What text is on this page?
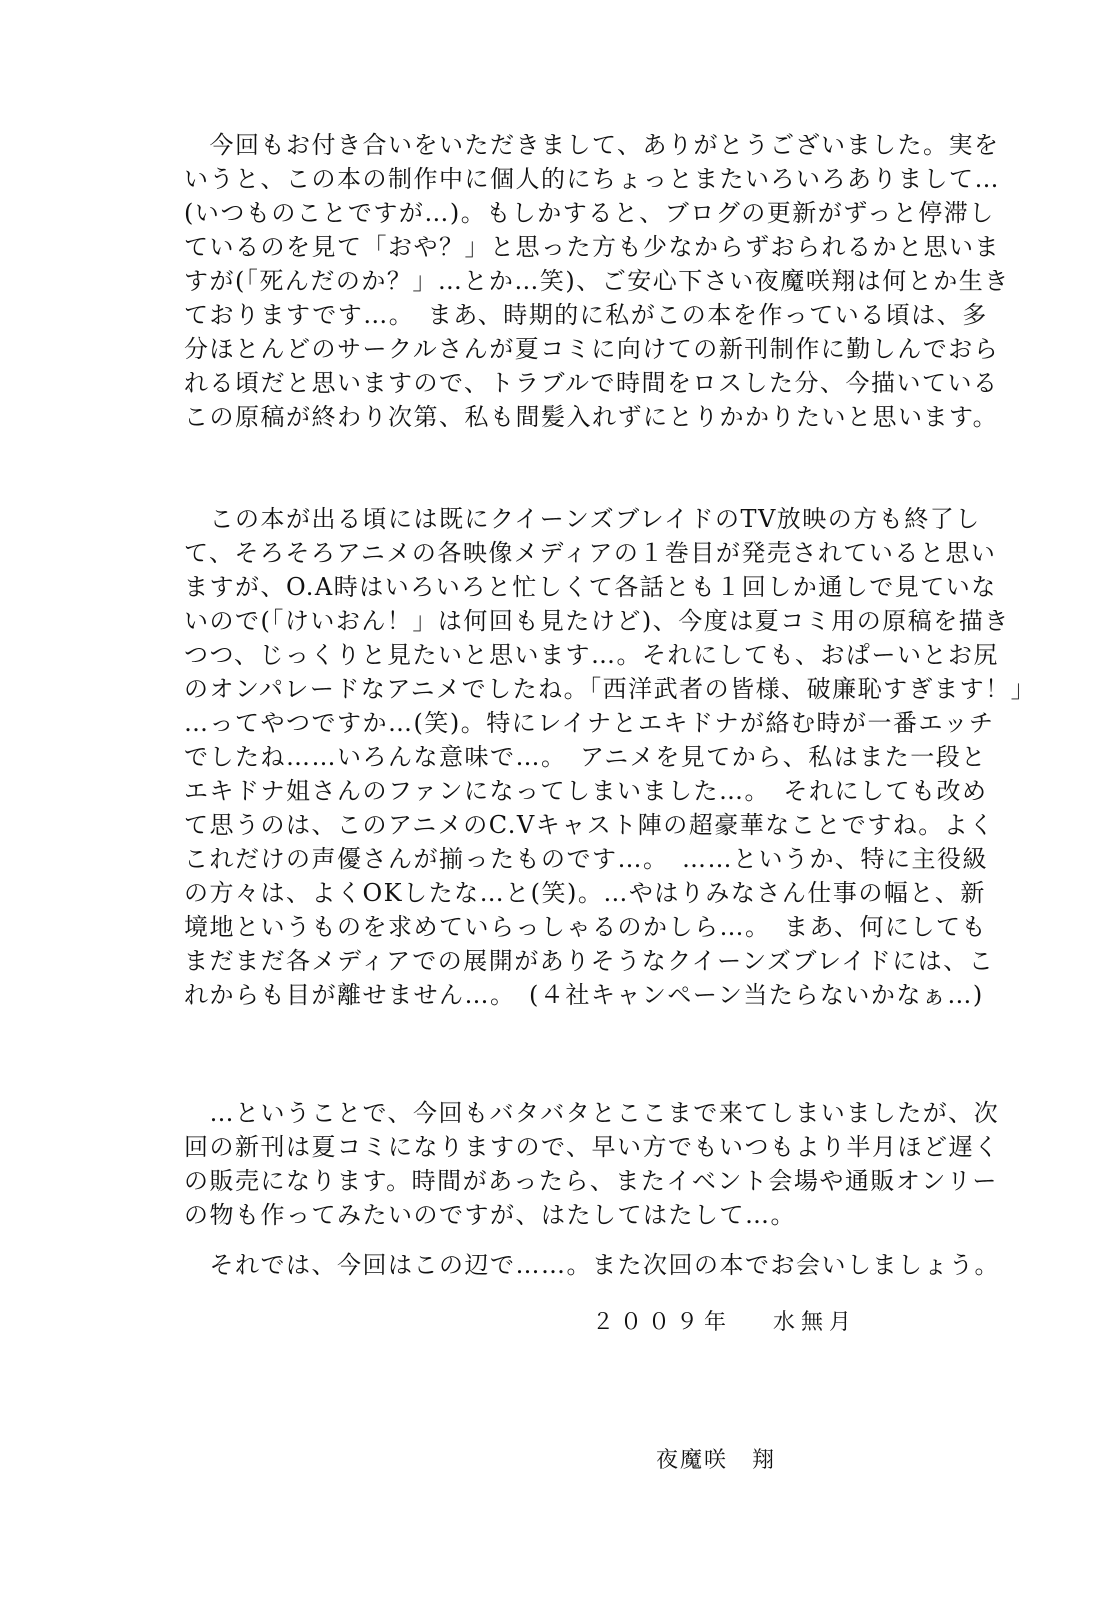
　今回もお付き合いをいただきまして、ありがとうございました。実を
いうと、この本の制作中に個人的にちょっとまたいろいろありまして…
(いつものことですが…)。もしかすると、ブログの更新がずっと停滞し
ているのを見て「おや？」と思った方も少なからずおられるかと思いま
すが(「死んだのか？」…とか…笑)、ご安心下さい夜魔咲翔は何とか生き
ておりますです…。　まあ、時期的に私がこの本を作っている頃は、多
分ほとんどのサークルさんが夏コミに向けての新刊制作に勤しんでおら
れる頃だと思いますので、トラブルで時間をロスした分、今描いている
この原稿が終わり次第、私も間髪入れずにとりかかりたいと思います。
　この本が出る頃には既にクイーンズブレイドのTV放映の方も終了し
て、そろそろアニメの各映像メディアの１巻目が発売されていると思い
ますが、O.A時はいろいろと忙しくて各話とも１回しか通しで見ていな
いので(「けいおん！」は何回も見たけど)、今度は夏コミ用の原稿を描き
つつ、じっくりと見たいと思います…。それにしても、おぱーいとお尻
のオンパレードなアニメでしたね。「西洋武者の皆様、破廉恥すぎます！」
…ってやつですか…(笑)。特にレイナとエキドナが絡む時が一番エッチ
でしたね……いろんな意味で…。　アニメを見てから、私はまた一段と
エキドナ姐さんのファンになってしまいました…。　それにしても改め
て思うのは、このアニメのC.Vキャスト陣の超豪華なことですね。よく
これだけの声優さんが揃ったものです…。　……というか、特に主役級
の方々は、よくOKしたな…と(笑)。…やはりみなさん仕事の幅と、新
境地というものを求めていらっしゃるのかしら…。　まあ、何にしても
まだまだ各メディアでの展開がありそうなクイーンズブレイドには、こ
れからも目が離せません…。　(４社キャンペーン当たらないかなぁ…)
　…ということで、今回もバタバタとここまで来てしまいましたが、次
回の新刊は夏コミになりますので、早い方でもいつもより半月ほど遅く
の販売になります。時間があったら、またイベント会場や通販オンリー
の物も作ってみたいのですが、はたしてはたして…。
　それでは、今回はこの辺で……。また次回の本でお会いしましょう。
２００９年　 水無月
夜魔咲　翔
